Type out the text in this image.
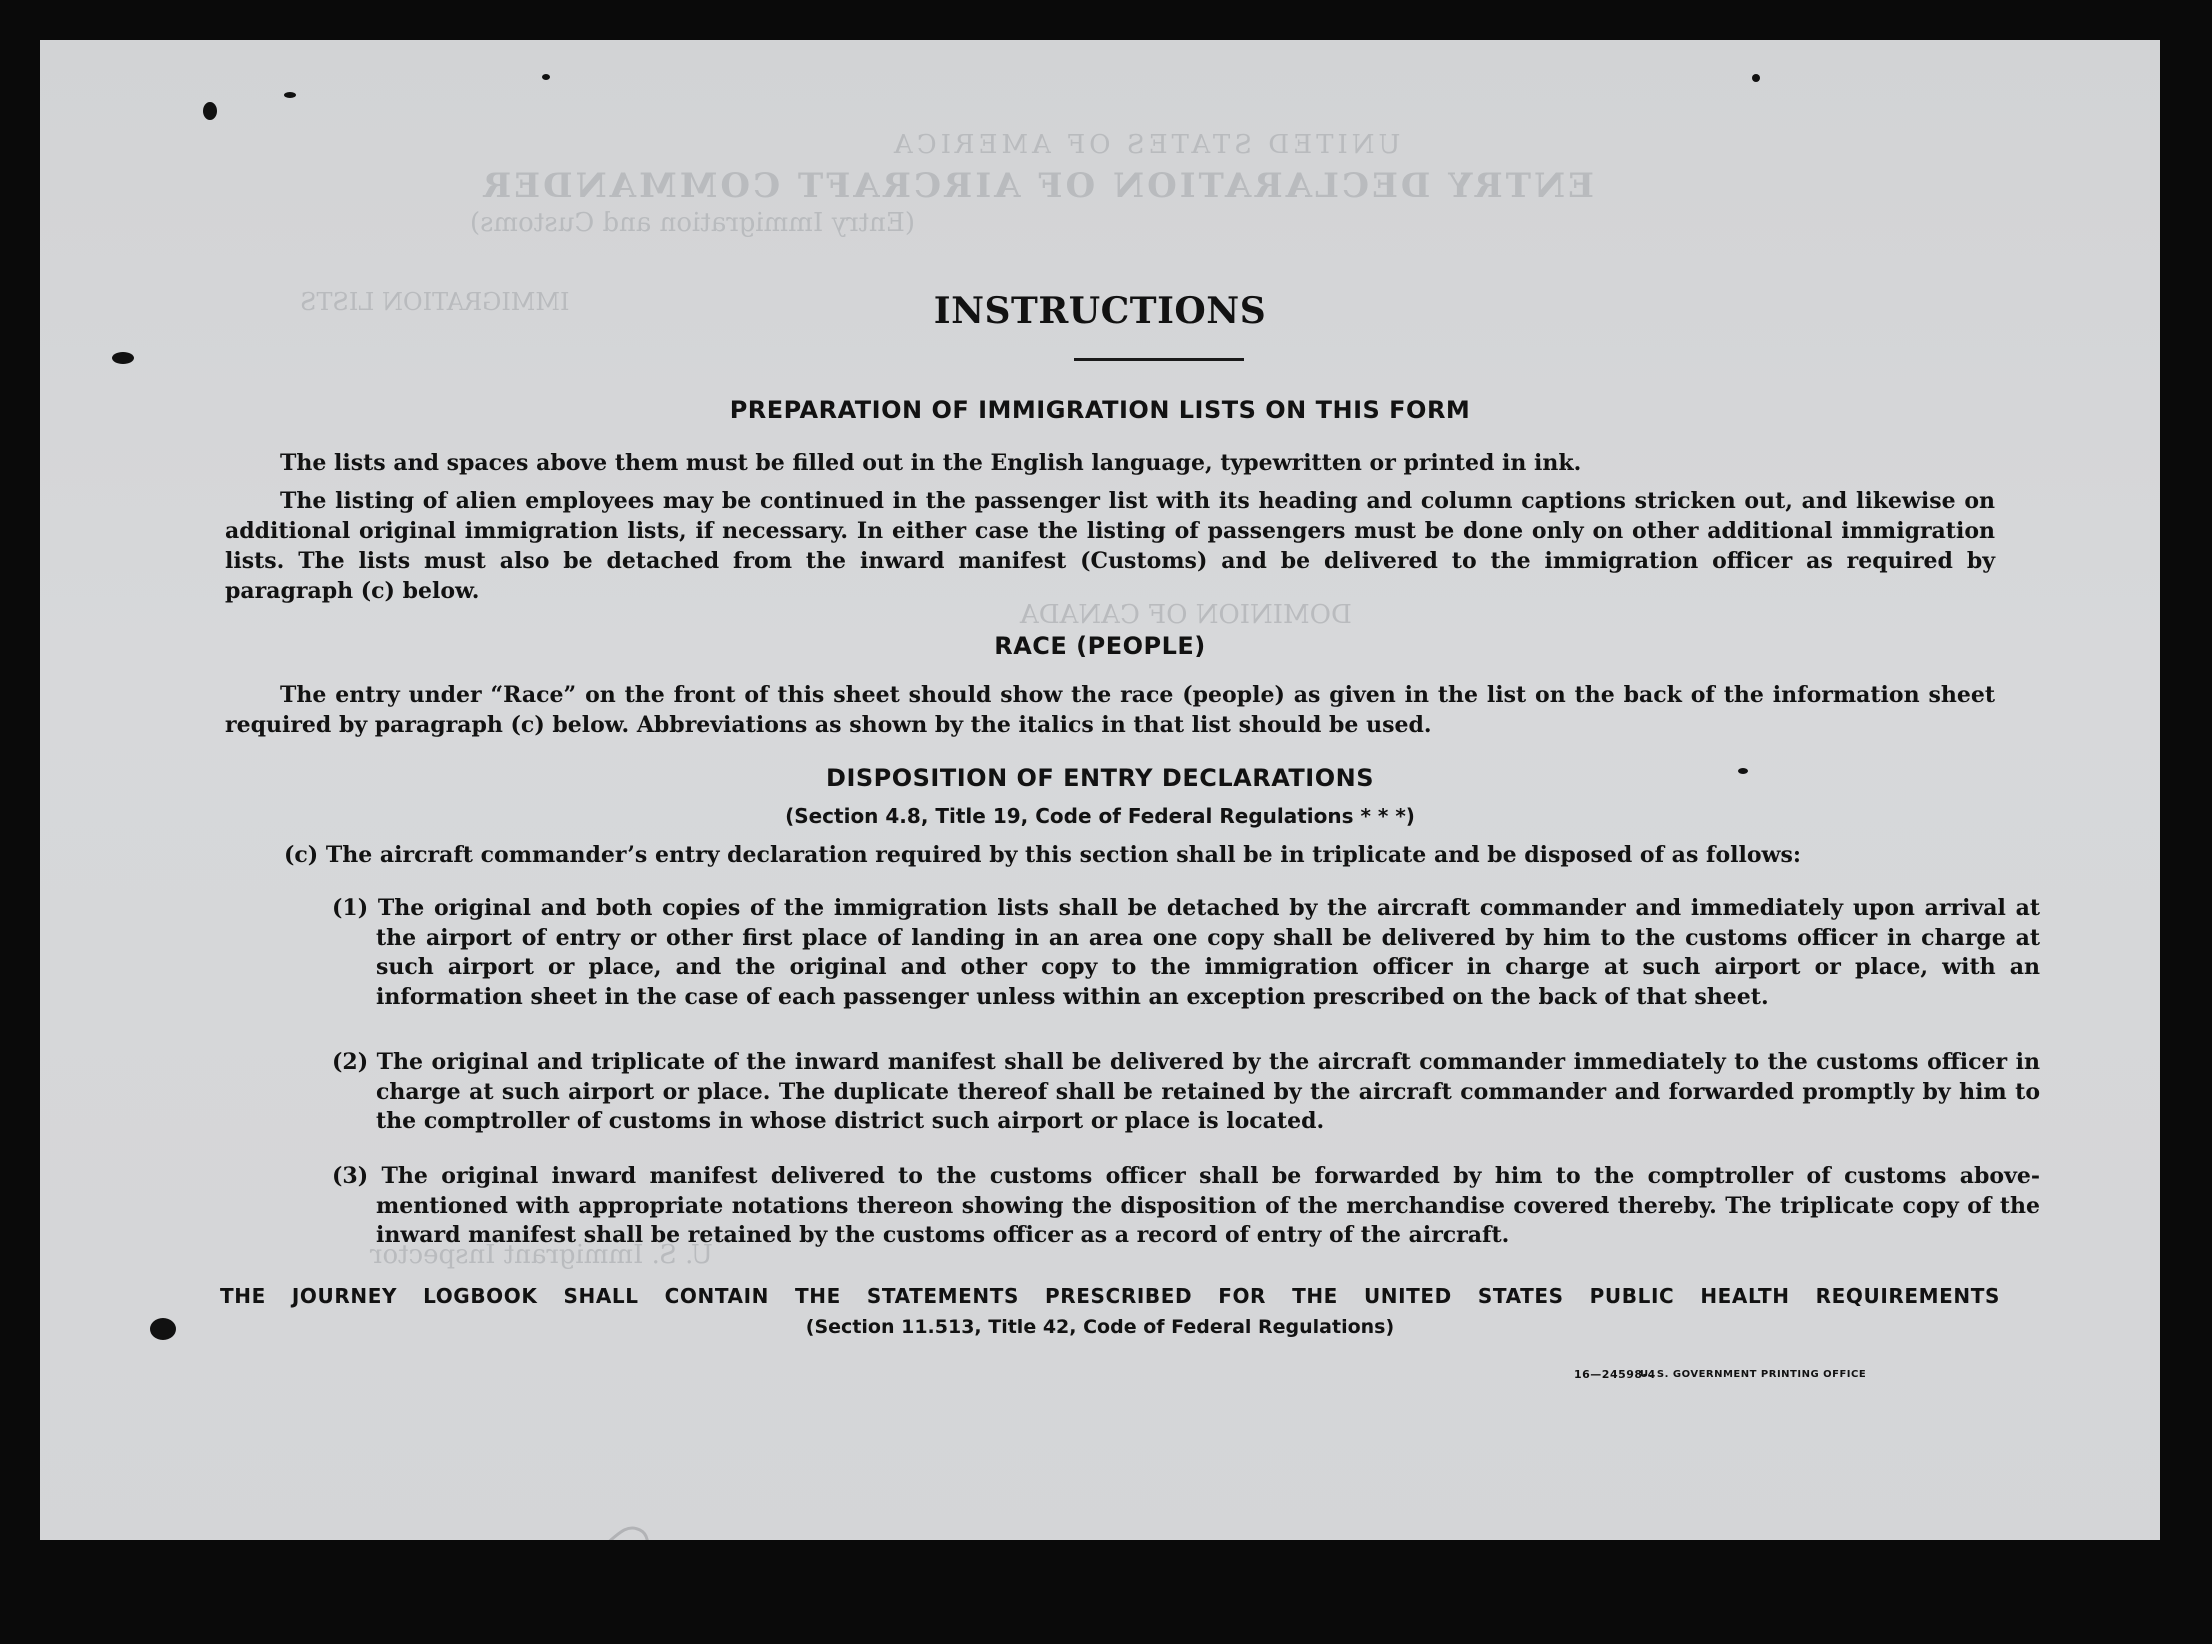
UNITED STATES OF AMERICA
ENTRY DECLARATION OF AIRCRAFT COMMANDER
(Entry Immigration and Customs)
IMMIGRATION LISTS
DOMINION OF CANADA
U. S. Immigrant Inspector
INSTRUCTIONS
PREPARATION OF IMMIGRATION LISTS ON THIS FORM
The lists and spaces above them must be filled out in the English language, typewritten or printed in ink.
The listing of alien employees may be continued in the passenger list with its heading and column captions stricken out, and likewise on additional original immigration lists, if necessary. In either case the listing of passengers must be done only on other additional immigration lists. The lists must also be detached from the inward manifest (Customs) and be delivered to the immigration officer as required by paragraph (c) below.
RACE (PEOPLE)
The entry under “Race” on the front of this sheet should show the race (people) as given in the list on the back of the information sheet required by paragraph (c) below. Abbreviations as shown by the italics in that list should be used.
DISPOSITION OF ENTRY DECLARATIONS
(Section 4.8, Title 19, Code of Federal Regulations * * *)
(c) The aircraft commander’s entry declaration required by this section shall be in triplicate and be disposed of as follows:
(1) The original and both copies of the immigration lists shall be detached by the aircraft commander and immediately upon arrival at the airport of entry or other first place of landing in an area one copy shall be delivered by him to the customs officer in charge at such airport or place, and the original and other copy to the immigration officer in charge at such airport or place, with an information sheet in the case of each passenger unless within an exception prescribed on the back of that sheet.
(2) The original and triplicate of the inward manifest shall be delivered by the aircraft commander immediately to the customs officer in charge at such airport or place. The duplicate thereof shall be retained by the aircraft commander and forwarded promptly by him to the comptroller of customs in whose district such airport or place is located.
(3) The original inward manifest delivered to the customs officer shall be forwarded by him to the comptroller of customs above-mentioned with appropriate notations thereon showing the disposition of the merchandise covered thereby. The triplicate copy of the inward manifest shall be retained by the customs officer as a record of entry of the aircraft.
THE JOURNEY LOGBOOK SHALL CONTAIN THE STATEMENTS PRESCRIBED FOR THE UNITED STATES PUBLIC HEALTH REQUIREMENTS
(Section 11.513, Title 42, Code of Federal Regulations)
16—24598-4
U. S. GOVERNMENT PRINTING OFFICE
